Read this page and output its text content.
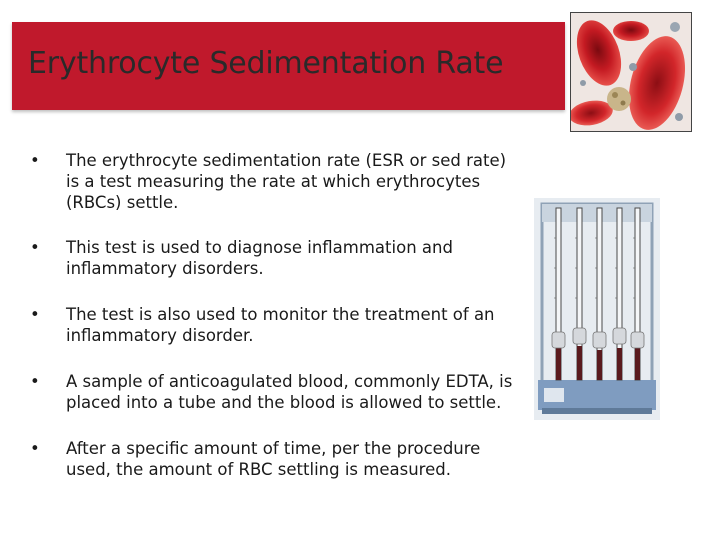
Erythrocyte Sedimentation Rate
•	The erythrocyte sedimentation rate (ESR or sed rate) is a test measuring the rate at which erythrocytes (RBCs) settle.
•	This test is used to diagnose inflammation and inflammatory disorders.
•	The test is also used to monitor the treatment of an inflammatory disorder.
•	A sample of anticoagulated blood, commonly EDTA, is placed into a tube and the blood is allowed to settle.
•	After a specific amount of time, per the procedure used, the amount of RBC settling is measured.
